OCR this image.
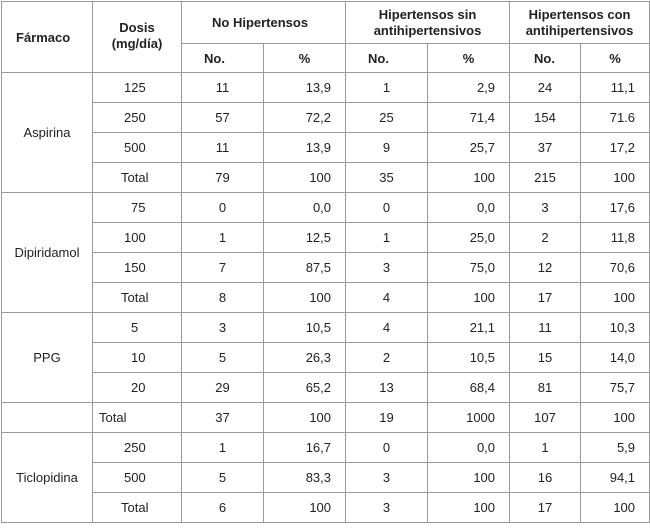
Fármaco	Dosis (mg/día)	No Hipertensos		Hipertensos sin antihipertensivos		Hipertensos con antihipertensivos	
		No.	%	No.	%	No.	%
Aspirina	125	11	13,9	1	2,9	24	11,1
	250	57	72,2	25	71,4	154	71.6
	500	11	13,9	9	25,7	37	17,2
	Total	79	100	35	100	215	100
Dipiridamol	75	0	0,0	0	0,0	3	17,6
	100	1	12,5	1	25,0	2	11,8
	150	7	87,5	3	75,0	12	70,6
	Total	8	100	4	100	17	100
PPG	5	3	10,5	4	21,1	11	10,3
	10	5	26,3	2	10,5	15	14,0
	20	29	65,2	13	68,4	81	75,7
	Total	37	100	19	1000	107	100
Ticlopidina	250	1	16,7	0	0,0	1	5,9
	500	5	83,3	3	100	16	94,1
	Total	6	100	3	100	17	100
